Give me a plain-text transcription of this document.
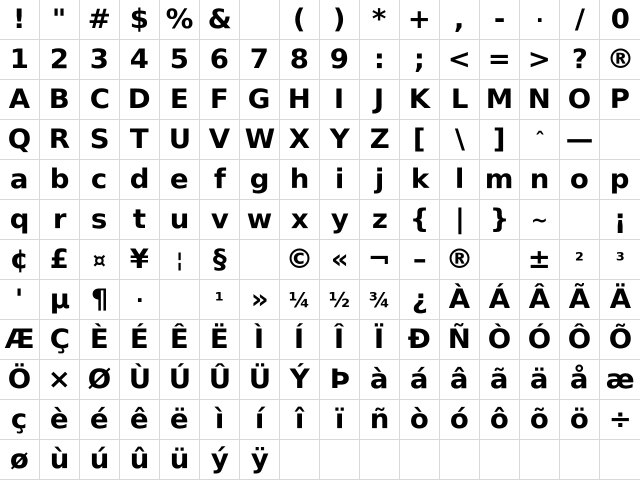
! " # $ % & ( ) * + , - · / 0
1 2 3 4 5 6 7 8 9 : ; < = > ? ®
A B C D E F G H I J K L M N O P
Q R S T U V W X Y Z [ \ ] ˆ —
a b c d e f g h i j k l m n o p
q r s t u v w x y z { | } ~ ¡
¢ £ ¤ ¥ ¦ § © « ¬ – ® ± ² ³
' µ ¶ ·	¹ » ¼ ½ ¾ ¿ À Á Â Ã Ä
Æ Ç È É Ê Ë Ì Í Î Ï Ð Ñ Ò Ó Ô Õ
Ö × Ø Ù Ú Û Ü Ý Þ à á â ã ä å æ
ç è é ê ë ì í î ï ñ ò ó ô õ ö ÷
ø ù ú û ü ý ÿ
